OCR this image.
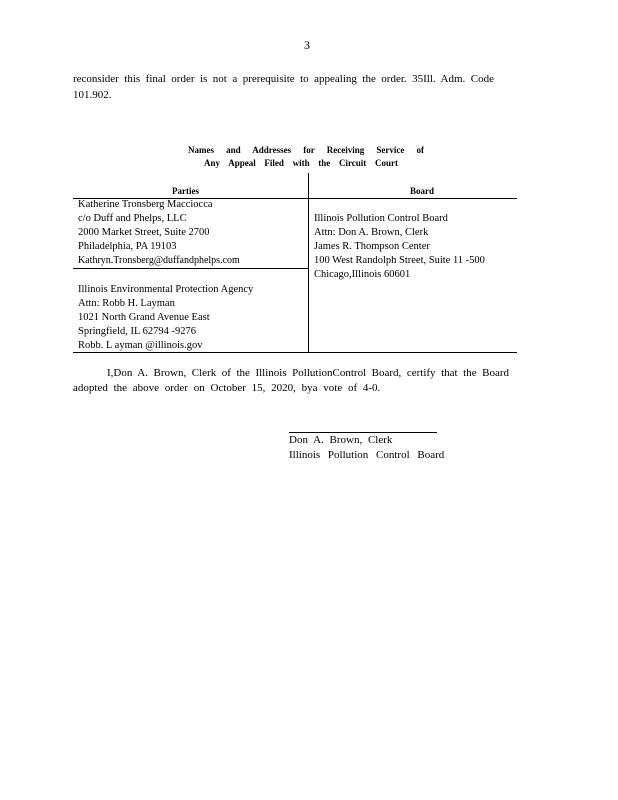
3
reconsider this final order is not a prerequisite to appealing the order. 35Ill. Adm. Code
101.902.
Names and Addresses for Receiving Service of
Any Appeal Filed with the Circuit Court
Parties	Board
Katherine Tronsberg Macciocca
c/o Duff and Phelps, LLC
2000 Market Street, Suite 2700
Philadelphia, PA 19103
Kathryn.Tronsberg@duffandphelps.com
Illinois Environmental Protection Agency
Attn: Robb H. Layman
1021 North Grand Avenue East
Springfield, IL 62794 -9276
Robb. L ayman @illinois.gov
Illinois Pollution Control Board
Attn: Don A. Brown, Clerk
James R. Thompson Center
100 West Randolph Street, Suite 11 -500
Chicago,Illinois 60601
I,Don A. Brown, Clerk of the Illinois PollutionControl Board, certify that the Board
adopted the above order on October 15, 2020, bya vote of 4-0.
Don A. Brown, Clerk
Illinois Pollution Control Board
